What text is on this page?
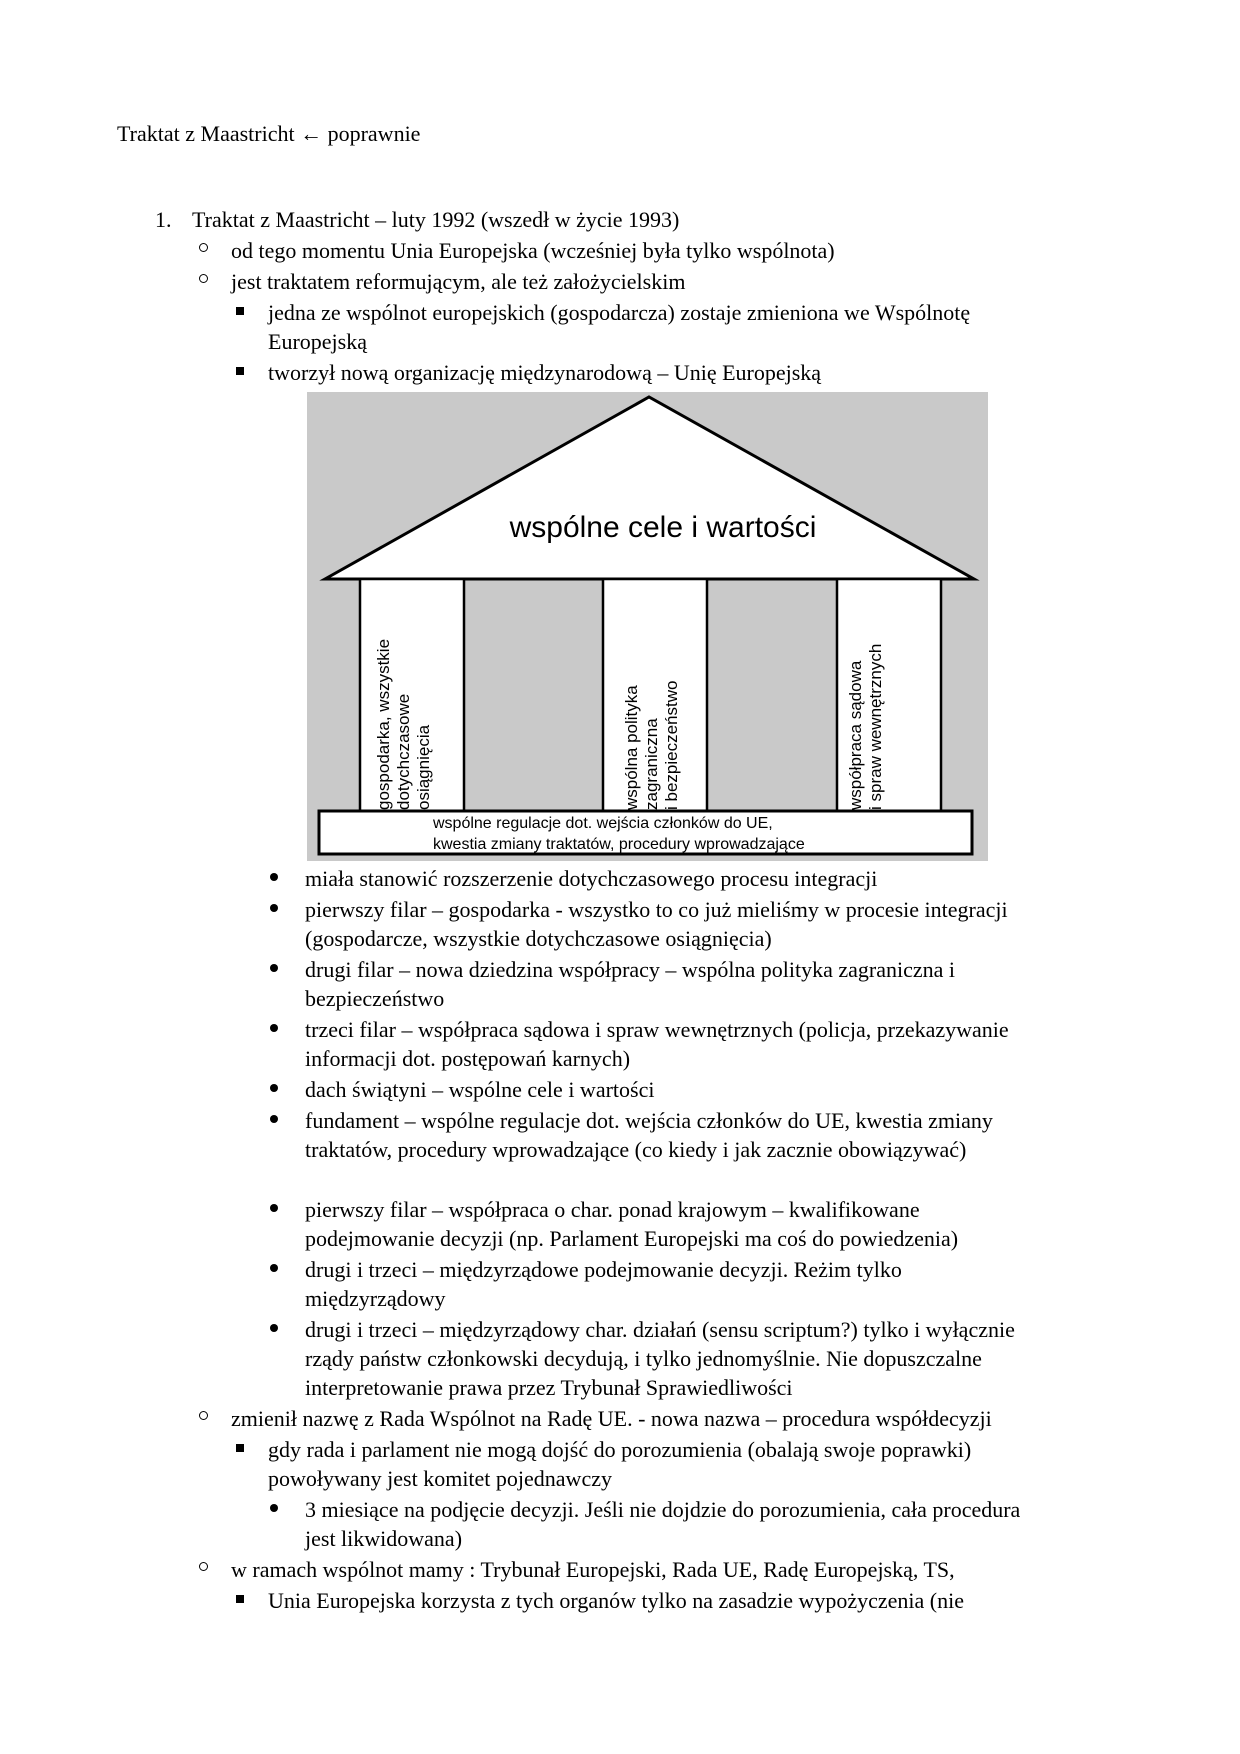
Traktat z Maastricht ← poprawnie
1. Traktat z Maastricht – luty 1992 (wszedł w życie 1993)
od tego momentu Unia Europejska (wcześniej była tylko wspólnota)
jest traktatem reformującym, ale też założycielskim
jedna ze wspólnot europejskich (gospodarcza) zostaje zmieniona we Wspólnotę
Europejską
tworzył nową organizację międzynarodową – Unię Europejską
wspólne cele i wartości
gospodarka, wszystkie dotychczasowe osiągnięcia	wspólna polityka zagraniczna i bezpieczeństwo	współpraca sądowa i spraw wewnętrznych
wspólne regulacje dot. wejścia członków do UE,
kwestia zmiany traktatów, procedury wprowadzające
miała stanowić rozszerzenie dotychczasowego procesu integracji
pierwszy filar – gospodarka - wszystko to co już mieliśmy w procesie integracji
(gospodarcze, wszystkie dotychczasowe osiągnięcia)
drugi filar – nowa dziedzina współpracy – wspólna polityka zagraniczna i
bezpieczeństwo
trzeci filar – współpraca sądowa i spraw wewnętrznych (policja, przekazywanie
informacji dot. postępowań karnych)
dach świątyni – wspólne cele i wartości
fundament – wspólne regulacje dot. wejścia członków do UE, kwestia zmiany
traktatów, procedury wprowadzające (co kiedy i jak zacznie obowiązywać)
pierwszy filar – współpraca o char. ponad krajowym – kwalifikowane
podejmowanie decyzji (np. Parlament Europejski ma coś do powiedzenia)
drugi i trzeci – międzyrządowe podejmowanie decyzji. Reżim tylko
międzyrządowy
drugi i trzeci – międzyrządowy char. działań (sensu scriptum?) tylko i wyłącznie
rządy państw członkowski decydują, i tylko jednomyślnie. Nie dopuszczalne
interpretowanie prawa przez Trybunał Sprawiedliwości
zmienił nazwę z Rada Wspólnot na Radę UE. - nowa nazwa – procedura współdecyzji
gdy rada i parlament nie mogą dojść do porozumienia (obalają swoje poprawki)
powoływany jest komitet pojednawczy
3 miesiące na podjęcie decyzji. Jeśli nie dojdzie do porozumienia, cała procedura
jest likwidowana)
w ramach wspólnot mamy : Trybunał Europejski, Rada UE, Radę Europejską, TS,
Unia Europejska korzysta z tych organów tylko na zasadzie wypożyczenia (nie
